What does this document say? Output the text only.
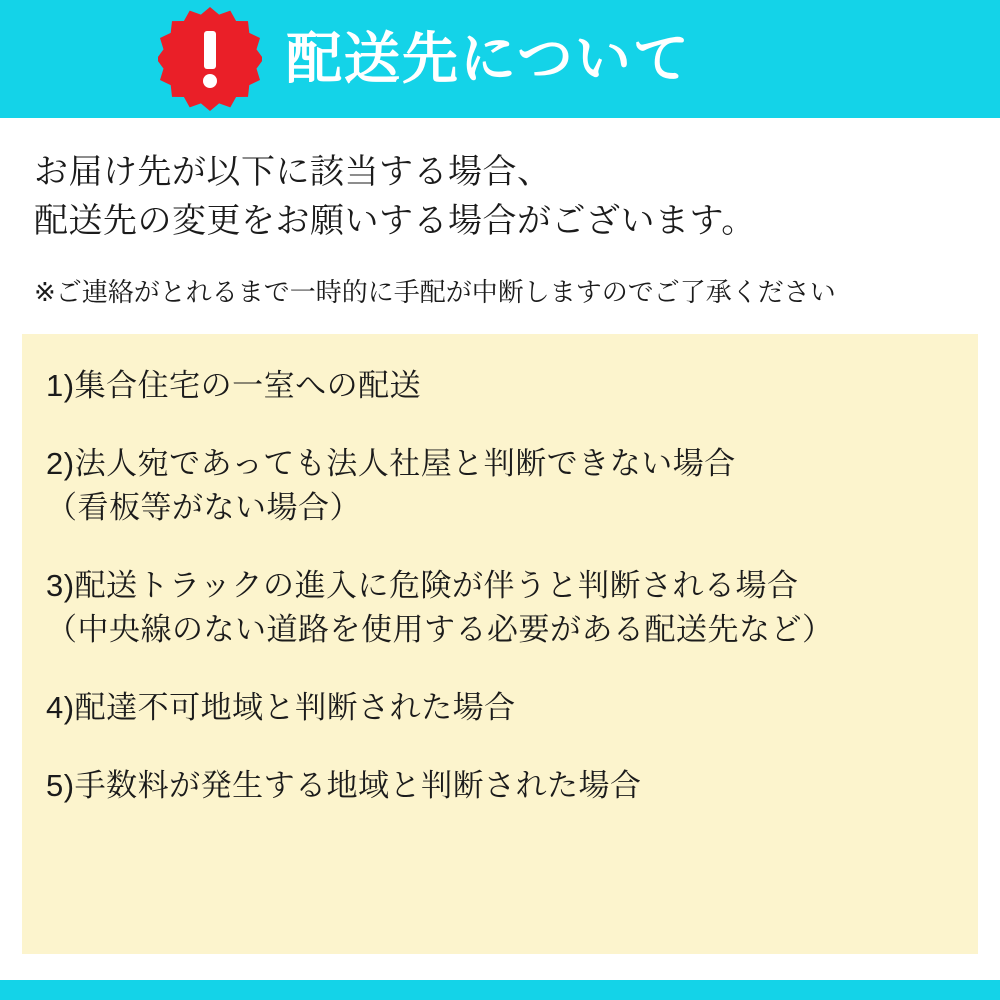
配送先について
お届け先が以下に該当する場合、
配送先の変更をお願いする場合がございます。
※ご連絡がとれるまで一時的に手配が中断しますのでご了承ください
1)集合住宅の一室への配送
2)法人宛であっても法人社屋と判断できない場合
（看板等がない場合）
3)配送トラックの進入に危険が伴うと判断される場合
（中央線のない道路を使用する必要がある配送先など）
4)配達不可地域と判断された場合
5)手数料が発生する地域と判断された場合
